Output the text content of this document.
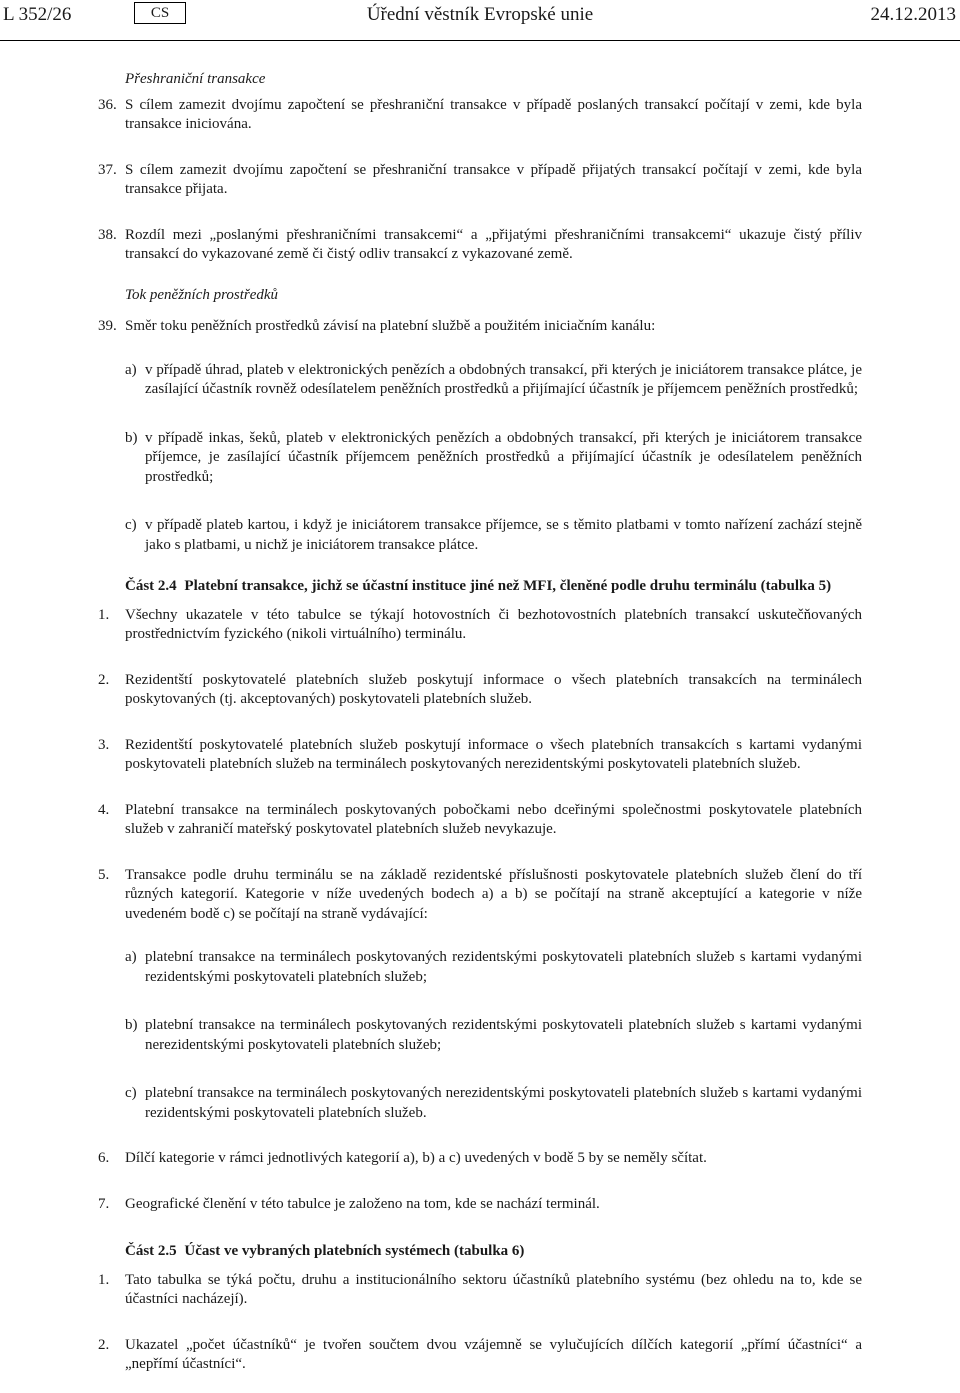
L 352/26	CS	Úřední věstník Evropské unie	24.12.2013
Přeshraniční transakce
36. S cílem zamezit dvojímu započtení se přeshraniční transakce v případě poslaných transakcí počítají v zemi, kde byla transakce iniciována.
37. S cílem zamezit dvojímu započtení se přeshraniční transakce v případě přijatých transakcí počítají v zemi, kde byla transakce přijata.
38. Rozdíl mezi „poslanými přeshraničními transakcemi“ a „přijatými přeshraničními transakcemi“ ukazuje čistý příliv transakcí do vykazované země či čistý odliv transakcí z vykazované země.
Tok peněžních prostředků
39. Směr toku peněžních prostředků závisí na platební službě a použitém iniciačním kanálu:
a) v případě úhrad, plateb v elektronických penězích a obdobných transakcí, při kterých je iniciátorem transakce plátce, je zasílající účastník rovněž odesílatelem peněžních prostředků a přijímající účastník je příjemcem peněžních prostředků;
b) v případě inkas, šeků, plateb v elektronických penězích a obdobných transakcí, při kterých je iniciátorem transakce příjemce, je zasílající účastník příjemcem peněžních prostředků a přijímající účastník je odesílatelem peněžních prostředků;
c) v případě plateb kartou, i když je iniciátorem transakce příjemce, se s těmito platbami v tomto nařízení zachází stejně jako s platbami, u nichž je iniciátorem transakce plátce.
Část 2.4 Platební transakce, jichž se účastní instituce jiné než MFI, členěné podle druhu terminálu (tabulka 5)
1. Všechny ukazatele v této tabulce se týkají hotovostních či bezhotovostních platebních transakcí uskutečňovaných prostřednictvím fyzického (nikoli virtuálního) terminálu.
2. Rezidentští poskytovatelé platebních služeb poskytují informace o všech platebních transakcích na terminálech poskytovaných (tj. akceptovaných) poskytovateli platebních služeb.
3. Rezidentští poskytovatelé platebních služeb poskytují informace o všech platebních transakcích s kartami vydanými poskytovateli platebních služeb na terminálech poskytovaných nerezidentskými poskytovateli platebních služeb.
4. Platební transakce na terminálech poskytovaných pobočkami nebo dceřinými společnostmi poskytovatele platebních služeb v zahraničí mateřský poskytovatel platebních služeb nevykazuje.
5. Transakce podle druhu terminálu se na základě rezidentské příslušnosti poskytovatele platebních služeb člení do tří různých kategorií. Kategorie v níže uvedených bodech a) a b) se počítají na straně akceptující a kategorie v níže uvedeném bodě c) se počítají na straně vydávající:
a) platební transakce na terminálech poskytovaných rezidentskými poskytovateli platebních služeb s kartami vydanými rezidentskými poskytovateli platebních služeb;
b) platební transakce na terminálech poskytovaných rezidentskými poskytovateli platebních služeb s kartami vydanými nerezidentskými poskytovateli platebních služeb;
c) platební transakce na terminálech poskytovaných nerezidentskými poskytovateli platebních služeb s kartami vydanými rezidentskými poskytovateli platebních služeb.
6. Dílčí kategorie v rámci jednotlivých kategorií a), b) a c) uvedených v bodě 5 by se neměly sčítat.
7. Geografické členění v této tabulce je založeno na tom, kde se nachází terminál.
Část 2.5 Účast ve vybraných platebních systémech (tabulka 6)
1. Tato tabulka se týká počtu, druhu a institucionálního sektoru účastníků platebního systému (bez ohledu na to, kde se účastníci nacházejí).
2. Ukazatel „počet účastníků“ je tvořen součtem dvou vzájemně se vylučujících dílčích kategorií „přímí účastníci“ a „nepřímí účastníci“.
